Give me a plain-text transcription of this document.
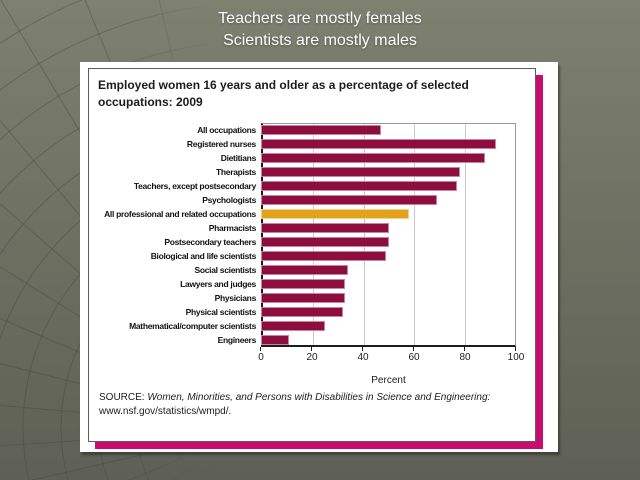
Teachers are mostly females
Scientists are mostly males
Employed women 16 years and older as a percentage of selected occupations: 2009
All occupations
Registered nurses
Dietitians
Therapists
Teachers, except postsecondary
Psychologists
All professional and related occupations
Pharmacists
Postsecondary teachers
Biological and life scientists
Social scientists
Lawyers and judges
Physicians
Physical scientists
Mathematical/computer scientists
Engineers
0	20	40	60	80	100
Percent
SOURCE: Women, Minorities, and Persons with Disabilities in Science and Engineering:
www.nsf.gov/statistics/wmpd/.
